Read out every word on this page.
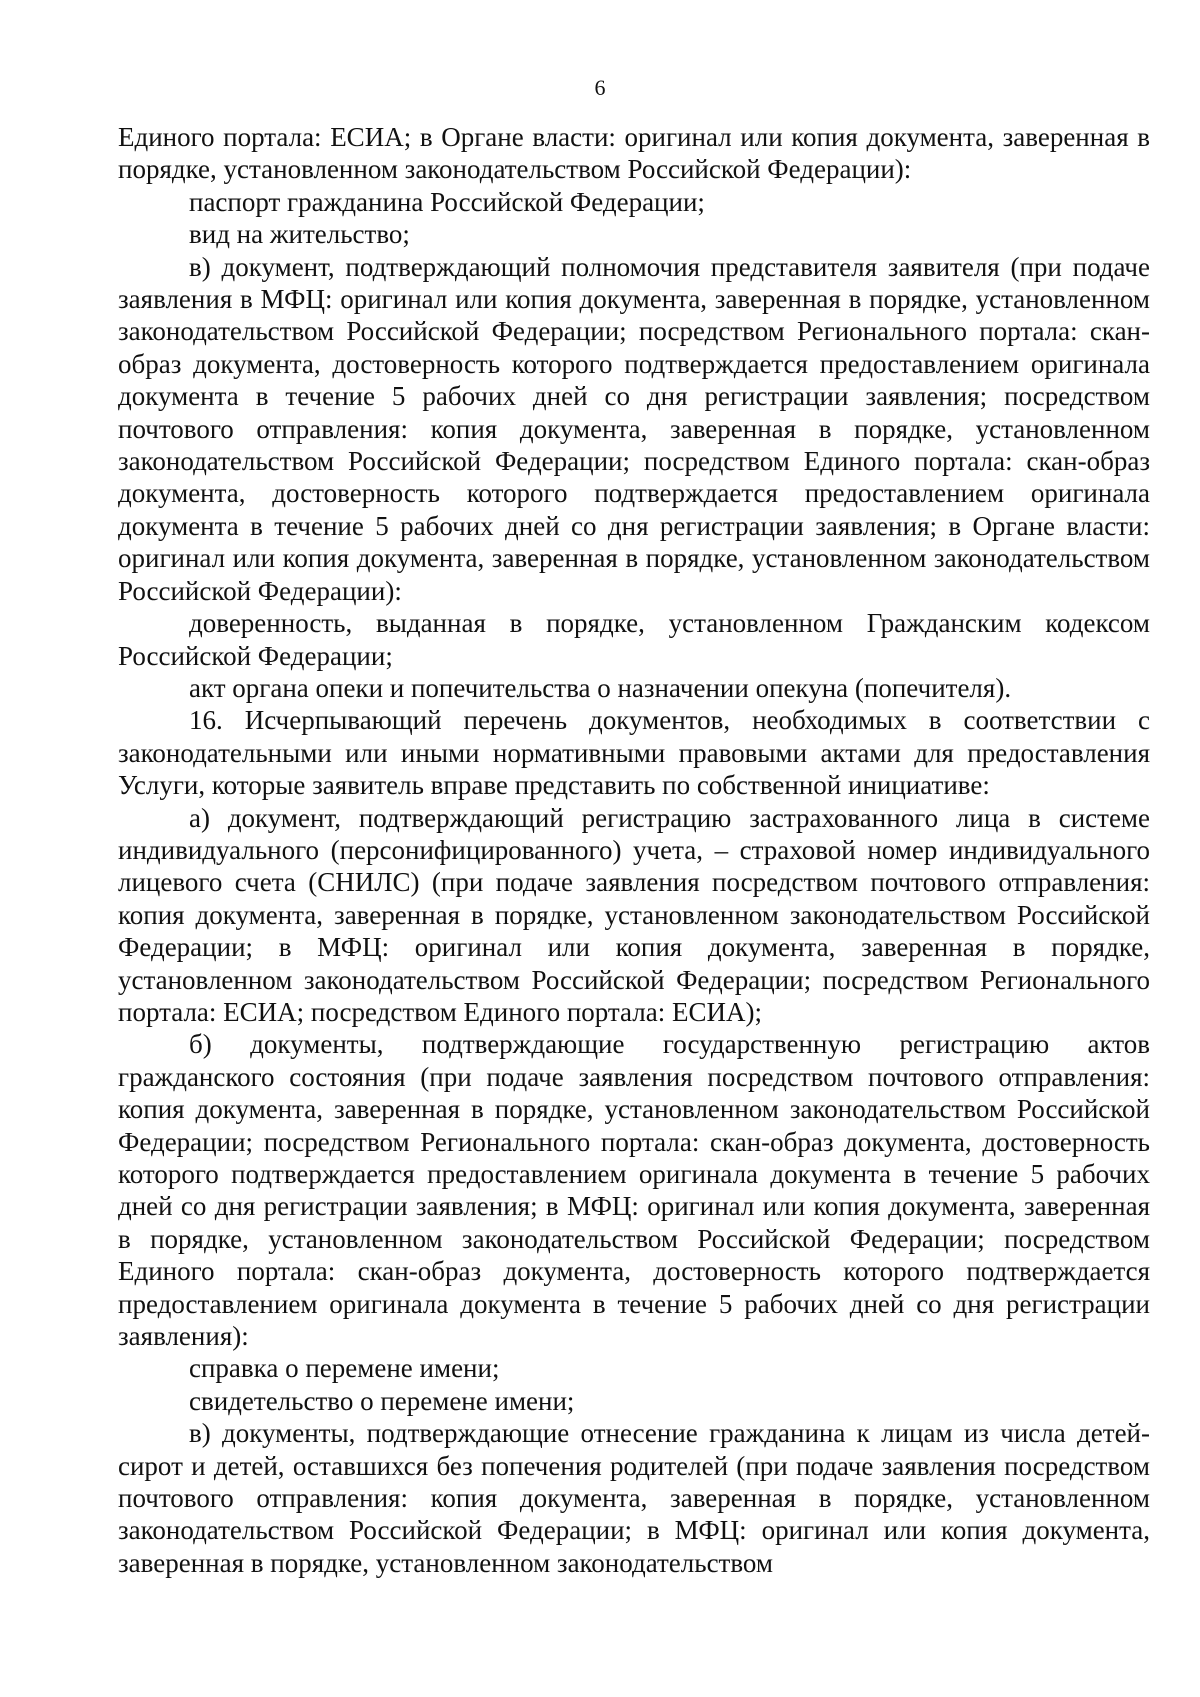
6

Единого портала: ЕСИА; в Органе власти: оригинал или копия документа, заверенная в порядке, установленном законодательством Российской Федерации):

паспорт гражданина Российской Федерации;

вид на жительство;

в) документ, подтверждающий полномочия представителя заявителя (при подаче заявления в МФЦ: оригинал или копия документа, заверенная в порядке, установленном законодательством Российской Федерации; посредством Регионального портала: скан-образ документа, достоверность которого подтверждается предоставлением оригинала документа в течение 5 рабочих дней со дня регистрации заявления; посредством почтового отправления: копия документа, заверенная в порядке, установленном законодательством Российской Федерации; посредством Единого портала: скан-образ документа, достоверность которого подтверждается предоставлением оригинала документа в течение 5 рабочих дней со дня регистрации заявления; в Органе власти: оригинал или копия документа, заверенная в порядке, установленном законодательством Российской Федерации):

доверенность, выданная в порядке, установленном Гражданским кодексом Российской Федерации;

акт органа опеки и попечительства о назначении опекуна (попечителя).

16. Исчерпывающий перечень документов, необходимых в соответствии с законодательными или иными нормативными правовыми актами для предоставления Услуги, которые заявитель вправе представить по собственной инициативе:

а) документ, подтверждающий регистрацию застрахованного лица в системе индивидуального (персонифицированного) учета, – страховой номер индивидуального лицевого счета (СНИЛС) (при подаче заявления посредством почтового отправления: копия документа, заверенная в порядке, установленном законодательством Российской Федерации; в МФЦ: оригинал или копия документа, заверенная в порядке, установленном законодательством Российской Федерации; посредством Регионального портала: ЕСИА; посредством Единого портала: ЕСИА);

б) документы, подтверждающие государственную регистрацию актов гражданского состояния (при подаче заявления посредством почтового отправления: копия документа, заверенная в порядке, установленном законодательством Российской Федерации; посредством Регионального портала: скан-образ документа, достоверность которого подтверждается предоставлением оригинала документа в течение 5 рабочих дней со дня регистрации заявления; в МФЦ: оригинал или копия документа, заверенная в порядке, установленном законодательством Российской Федерации; посредством Единого портала: скан-образ документа, достоверность которого подтверждается предоставлением оригинала документа в течение 5 рабочих дней со дня регистрации заявления):

справка о перемене имени;

свидетельство о перемене имени;

в) документы, подтверждающие отнесение гражданина к лицам из числа детей-сирот и детей, оставшихся без попечения родителей (при подаче заявления посредством почтового отправления: копия документа, заверенная в порядке, установленном законодательством Российской Федерации; в МФЦ: оригинал или копия документа, заверенная в порядке, установленном законодательством
